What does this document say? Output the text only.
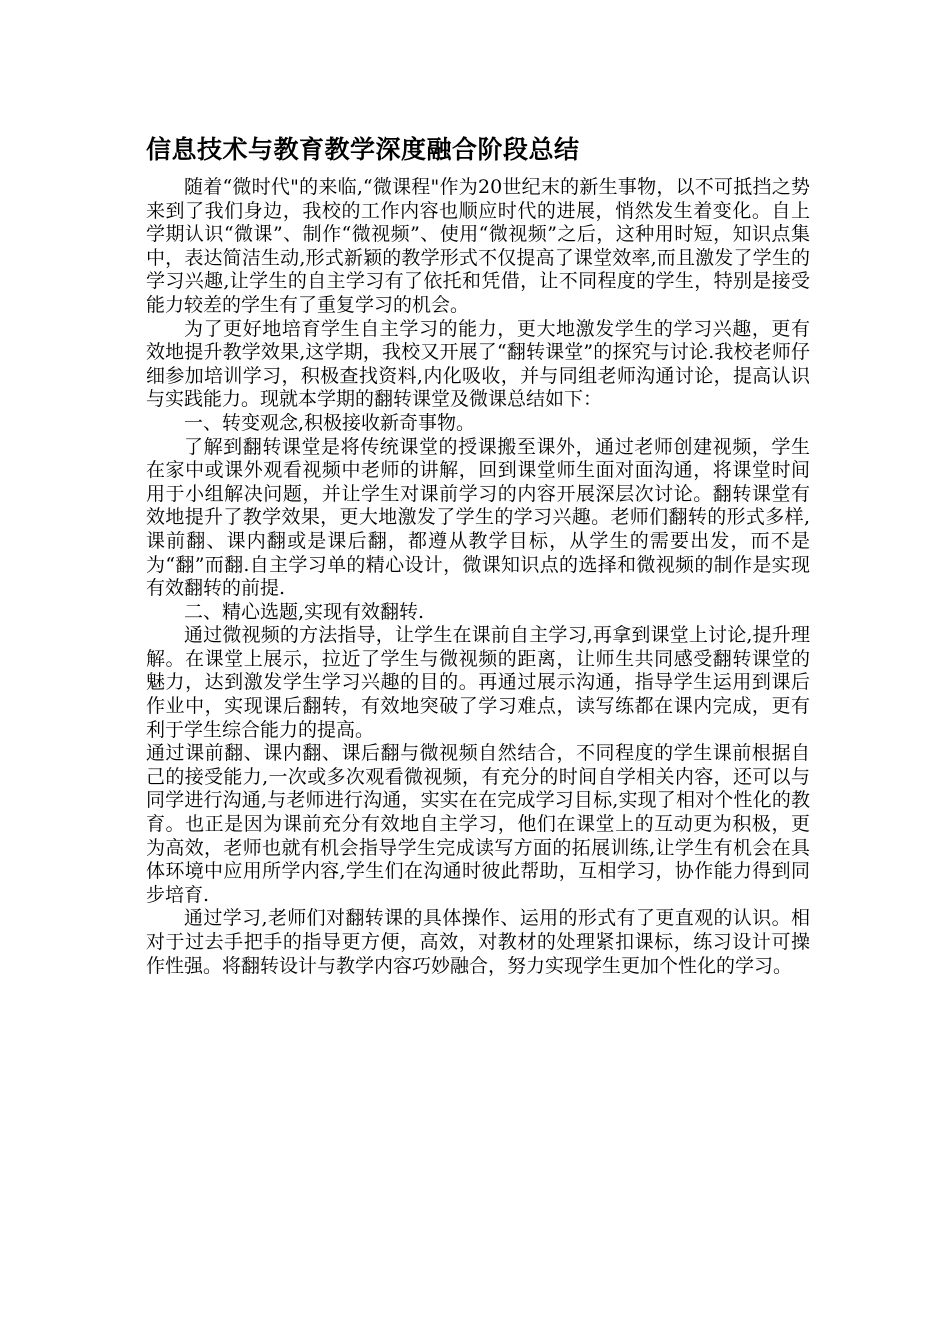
信息技术与教育教学深度融合阶段总结

随着“微时代"的来临,“微课程"作为20世纪末的新生事物，以不可抵挡之势来到了我们身边，我校的工作内容也顺应时代的进展，悄然发生着变化。自上学期认识“微课”、制作“微视频”、使用“微视频”之后，这种用时短，知识点集中，表达简洁生动,形式新颖的教学形式不仅提高了课堂效率,而且激发了学生的学习兴趣,让学生的自主学习有了依托和凭借，让不同程度的学生，特别是接受能力较差的学生有了重复学习的机会。

为了更好地培育学生自主学习的能力，更大地激发学生的学习兴趣，更有效地提升教学效果,这学期，我校又开展了“翻转课堂”的探究与讨论.我校老师仔细参加培训学习，积极查找资料,内化吸收，并与同组老师沟通讨论，提高认识与实践能力。现就本学期的翻转课堂及微课总结如下：

一、转变观念,积极接收新奇事物。

了解到翻转课堂是将传统课堂的授课搬至课外，通过老师创建视频，学生在家中或课外观看视频中老师的讲解，回到课堂师生面对面沟通，将课堂时间用于小组解决问题，并让学生对课前学习的内容开展深层次讨论。翻转课堂有效地提升了教学效果，更大地激发了学生的学习兴趣。老师们翻转的形式多样,课前翻、课内翻或是课后翻，都遵从教学目标，从学生的需要出发，而不是为“翻”而翻.自主学习单的精心设计，微课知识点的选择和微视频的制作是实现有效翻转的前提.

二、精心选题,实现有效翻转.

通过微视频的方法指导，让学生在课前自主学习,再拿到课堂上讨论,提升理解。在课堂上展示，拉近了学生与微视频的距离，让师生共同感受翻转课堂的魅力，达到激发学生学习兴趣的目的。再通过展示沟通，指导学生运用到课后作业中，实现课后翻转，有效地突破了学习难点，读写练都在课内完成，更有利于学生综合能力的提高。

通过课前翻、课内翻、课后翻与微视频自然结合，不同程度的学生课前根据自己的接受能力,一次或多次观看微视频，有充分的时间自学相关内容，还可以与同学进行沟通,与老师进行沟通，实实在在完成学习目标,实现了相对个性化的教育。也正是因为课前充分有效地自主学习，他们在课堂上的互动更为积极，更为高效，老师也就有机会指导学生完成读写方面的拓展训练,让学生有机会在具体环境中应用所学内容,学生们在沟通时彼此帮助，互相学习，协作能力得到同步培育.

通过学习,老师们对翻转课的具体操作、运用的形式有了更直观的认识。相对于过去手把手的指导更方便，高效，对教材的处理紧扣课标，练习设计可操作性强。将翻转设计与教学内容巧妙融合，努力实现学生更加个性化的学习。
